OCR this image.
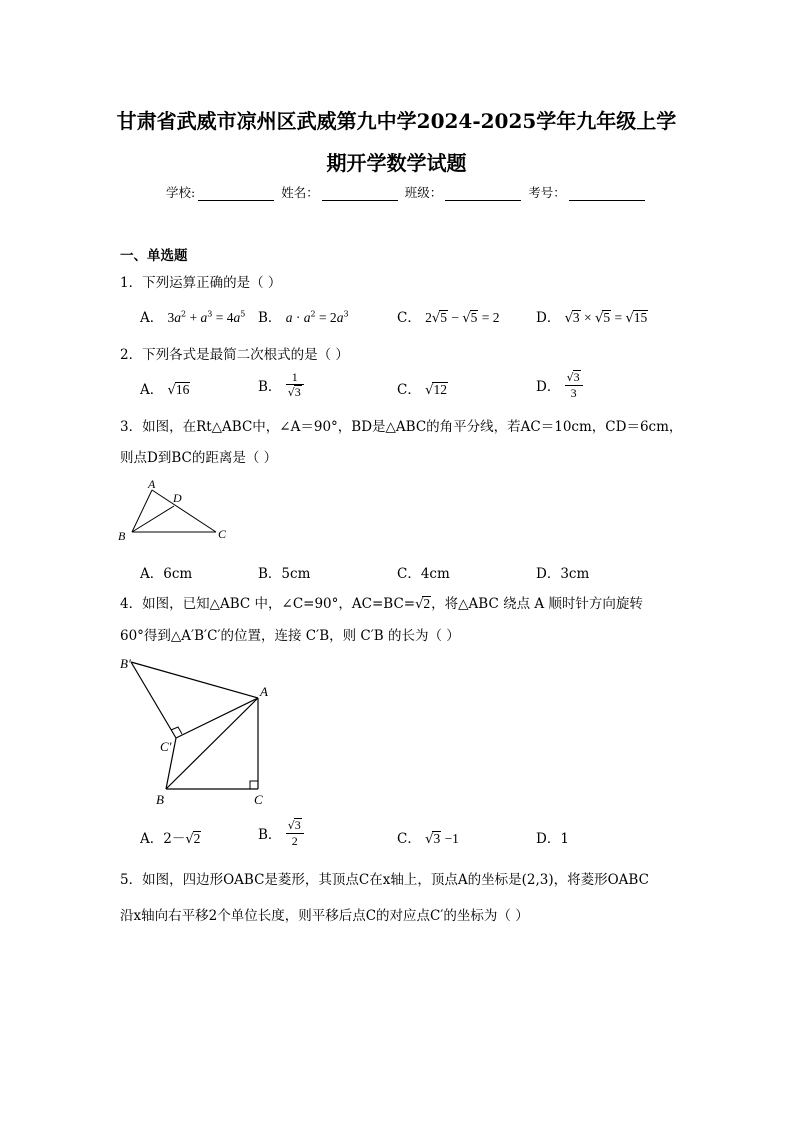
甘肃省武威市凉州区武威第九中学2024-2025学年九年级上学
期开学数学试题
学校:	姓名：	班级：	考号：
一、单选题
1．下列运算正确的是（ ）
A． $3a^2 + a^3 = 4a^5$ B． $a \cdot a^2 = 2a^3$	C． 2√5 − √5 = 2	D． √3 × √5 = √15
2．下列各式是最简二次根式的是（ ）
A． √16	B． $\frac{1}{√3}$	C． √12	D． $\frac{√3}{3}$
3．如图，在Rt△ABC中，∠A＝90°，BD是△ABC的角平分线，若AC＝10cm，CD＝6cm，
则点D到BC的距离是（ ）
A
D
B	C
A．6cm	B．5cm	C．4cm	D．3cm
4．如图，已知△ABC 中，∠C=90°，AC=BC=√2，将△ABC 绕点 A 顺时针方向旋转
60°得到△A′B′C′的位置，连接 C′B，则 C′B 的长为（ ）
B′
A
C′
B	C
A．2－√2	B． $\frac{√3}{2}$	C． √3 −1	D．1
5．如图，四边形OABC是菱形，其顶点C在x轴上，顶点A的坐标是(2,3)，将菱形OABC
沿x轴向右平移2个单位长度，则平移后点C的对应点C′的坐标为（ ）
